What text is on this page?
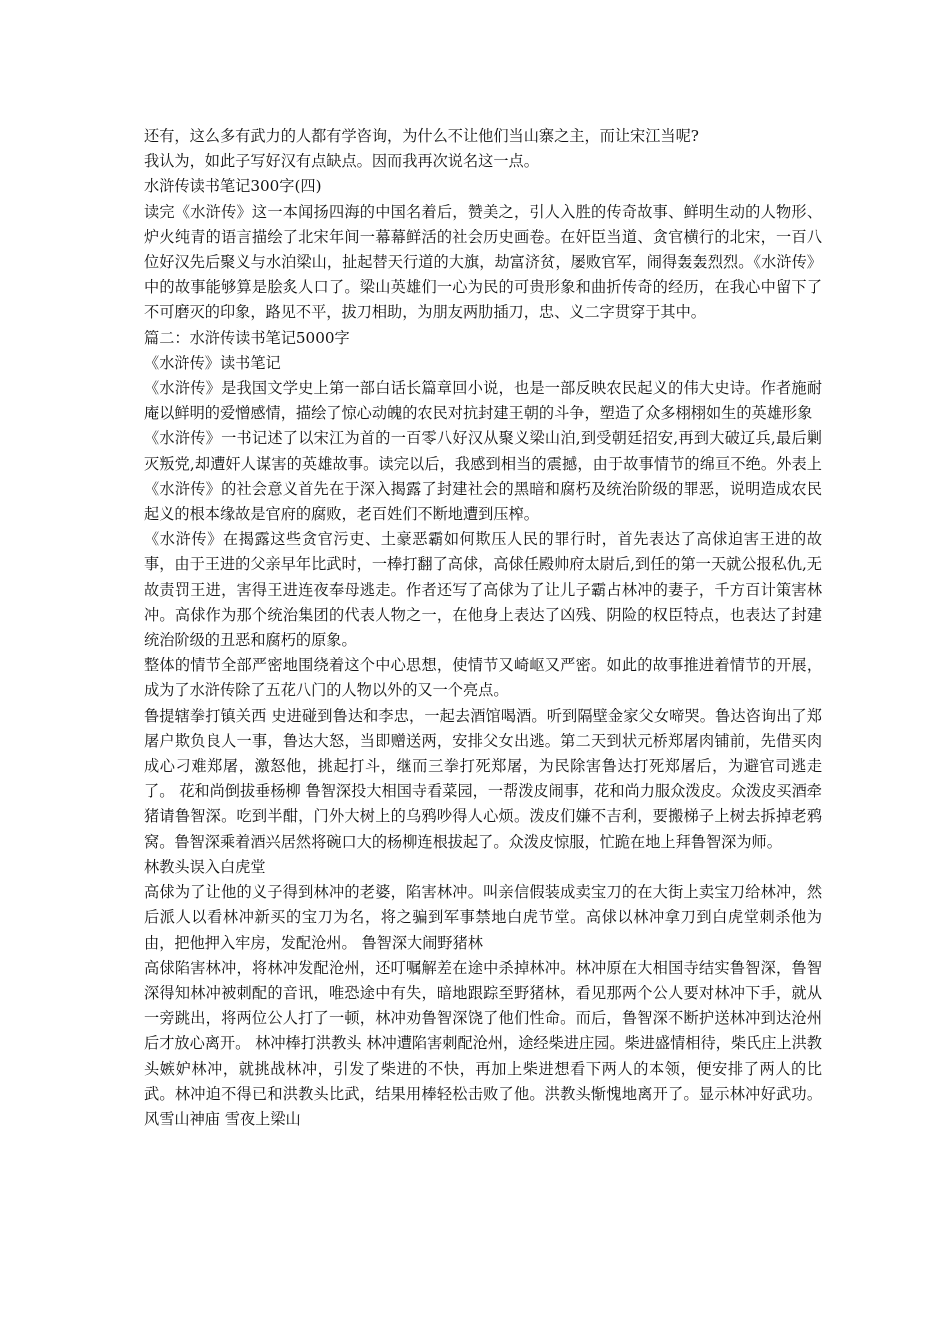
还有，这么多有武力的人都有学咨询，为什么不让他们当山寨之主，而让宋江当呢?

我认为，如此子写好汉有点缺点。因而我再次说名这一点。

水浒传读书笔记300字(四)

读完《水浒传》这一本闻扬四海的中国名着后，赞美之，引人入胜的传奇故事、鲜明生动的人物形、炉火纯青的语言描绘了北宋年间一幕幕鲜活的社会历史画卷。在奸臣当道、贪官横行的北宋，一百八位好汉先后聚义与水泊梁山，扯起替天行道的大旗，劫富济贫，屡败官军，闹得轰轰烈烈。《水浒传》中的故事能够算是脍炙人口了。梁山英雄们一心为民的可贵形象和曲折传奇的经历，在我心中留下了不可磨灭的印象，路见不平，拔刀相助，为朋友两肋插刀，忠、义二字贯穿于其中。

篇二：水浒传读书笔记5000字

《水浒传》读书笔记

《水浒传》是我国文学史上第一部白话长篇章回小说，也是一部反映农民起义的伟大史诗。作者施耐庵以鲜明的爱憎感情，描绘了惊心动魄的农民对抗封建王朝的斗争，塑造了众多栩栩如生的英雄形象

《水浒传》一书记述了以宋江为首的一百零八好汉从聚义梁山泊,到受朝廷招安,再到大破辽兵,最后剿灭叛党,却遭奸人谋害的英雄故事。读完以后，我感到相当的震撼，由于故事情节的绵亘不绝。外表上《水浒传》的社会意义首先在于深入揭露了封建社会的黑暗和腐朽及统治阶级的罪恶，说明造成农民起义的根本缘故是官府的腐败，老百姓们不断地遭到压榨。

《水浒传》在揭露这些贪官污吏、土豪恶霸如何欺压人民的罪行时，首先表达了高俅迫害王进的故事，由于王进的父亲早年比武时，一棒打翻了高俅，高俅任殿帅府太尉后,到任的第一天就公报私仇,无故责罚王进，害得王进连夜奉母逃走。作者还写了高俅为了让儿子霸占林冲的妻子，千方百计策害林冲。高俅作为那个统治集团的代表人物之一，在他身上表达了凶残、阴险的权臣特点，也表达了封建统治阶级的丑恶和腐朽的原象。

整体的情节全部严密地围绕着这个中心思想，使情节又崎岖又严密。如此的故事推进着情节的开展，成为了水浒传除了五花八门的人物以外的又一个亮点。

鲁提辖拳打镇关西 史进碰到鲁达和李忠，一起去酒馆喝酒。听到隔壁金家父女啼哭。鲁达咨询出了郑屠户欺负良人一事，鲁达大怒，当即赠送两，安排父女出逃。第二天到状元桥郑屠肉铺前，先借买肉成心刁难郑屠，激怒他，挑起打斗，继而三拳打死郑屠，为民除害鲁达打死郑屠后，为避官司逃走了。 花和尚倒拔垂杨柳 鲁智深投大相国寺看菜园，一帮泼皮闹事，花和尚力服众泼皮。众泼皮买酒牵猪请鲁智深。吃到半酣，门外大树上的乌鸦吵得人心烦。泼皮们嫌不吉利，要搬梯子上树去拆掉老鸦窝。鲁智深乘着酒兴居然将碗口大的杨柳连根拔起了。众泼皮惊服，忙跪在地上拜鲁智深为师。

林教头误入白虎堂

高俅为了让他的义子得到林冲的老婆，陷害林冲。叫亲信假装成卖宝刀的在大街上卖宝刀给林冲，然后派人以看林冲新买的宝刀为名，将之骗到军事禁地白虎节堂。高俅以林冲拿刀到白虎堂刺杀他为由，把他押入牢房，发配沧州。 鲁智深大闹野猪林

高俅陷害林冲，将林冲发配沧州，还叮嘱解差在途中杀掉林冲。林冲原在大相国寺结实鲁智深，鲁智深得知林冲被刺配的音讯，唯恐途中有失，暗地跟踪至野猪林，看见那两个公人要对林冲下手，就从一旁跳出，将两位公人打了一顿，林冲劝鲁智深饶了他们性命。而后，鲁智深不断护送林冲到达沧州后才放心离开。 林冲棒打洪教头 林冲遭陷害刺配沧州，途经柴进庄园。柴进盛情相待，柴氏庄上洪教头嫉妒林冲，就挑战林冲，引发了柴进的不快，再加上柴进想看下两人的本领，便安排了两人的比武。林冲迫不得已和洪教头比武，结果用棒轻松击败了他。洪教头惭愧地离开了。显示林冲好武功。风雪山神庙 雪夜上梁山
